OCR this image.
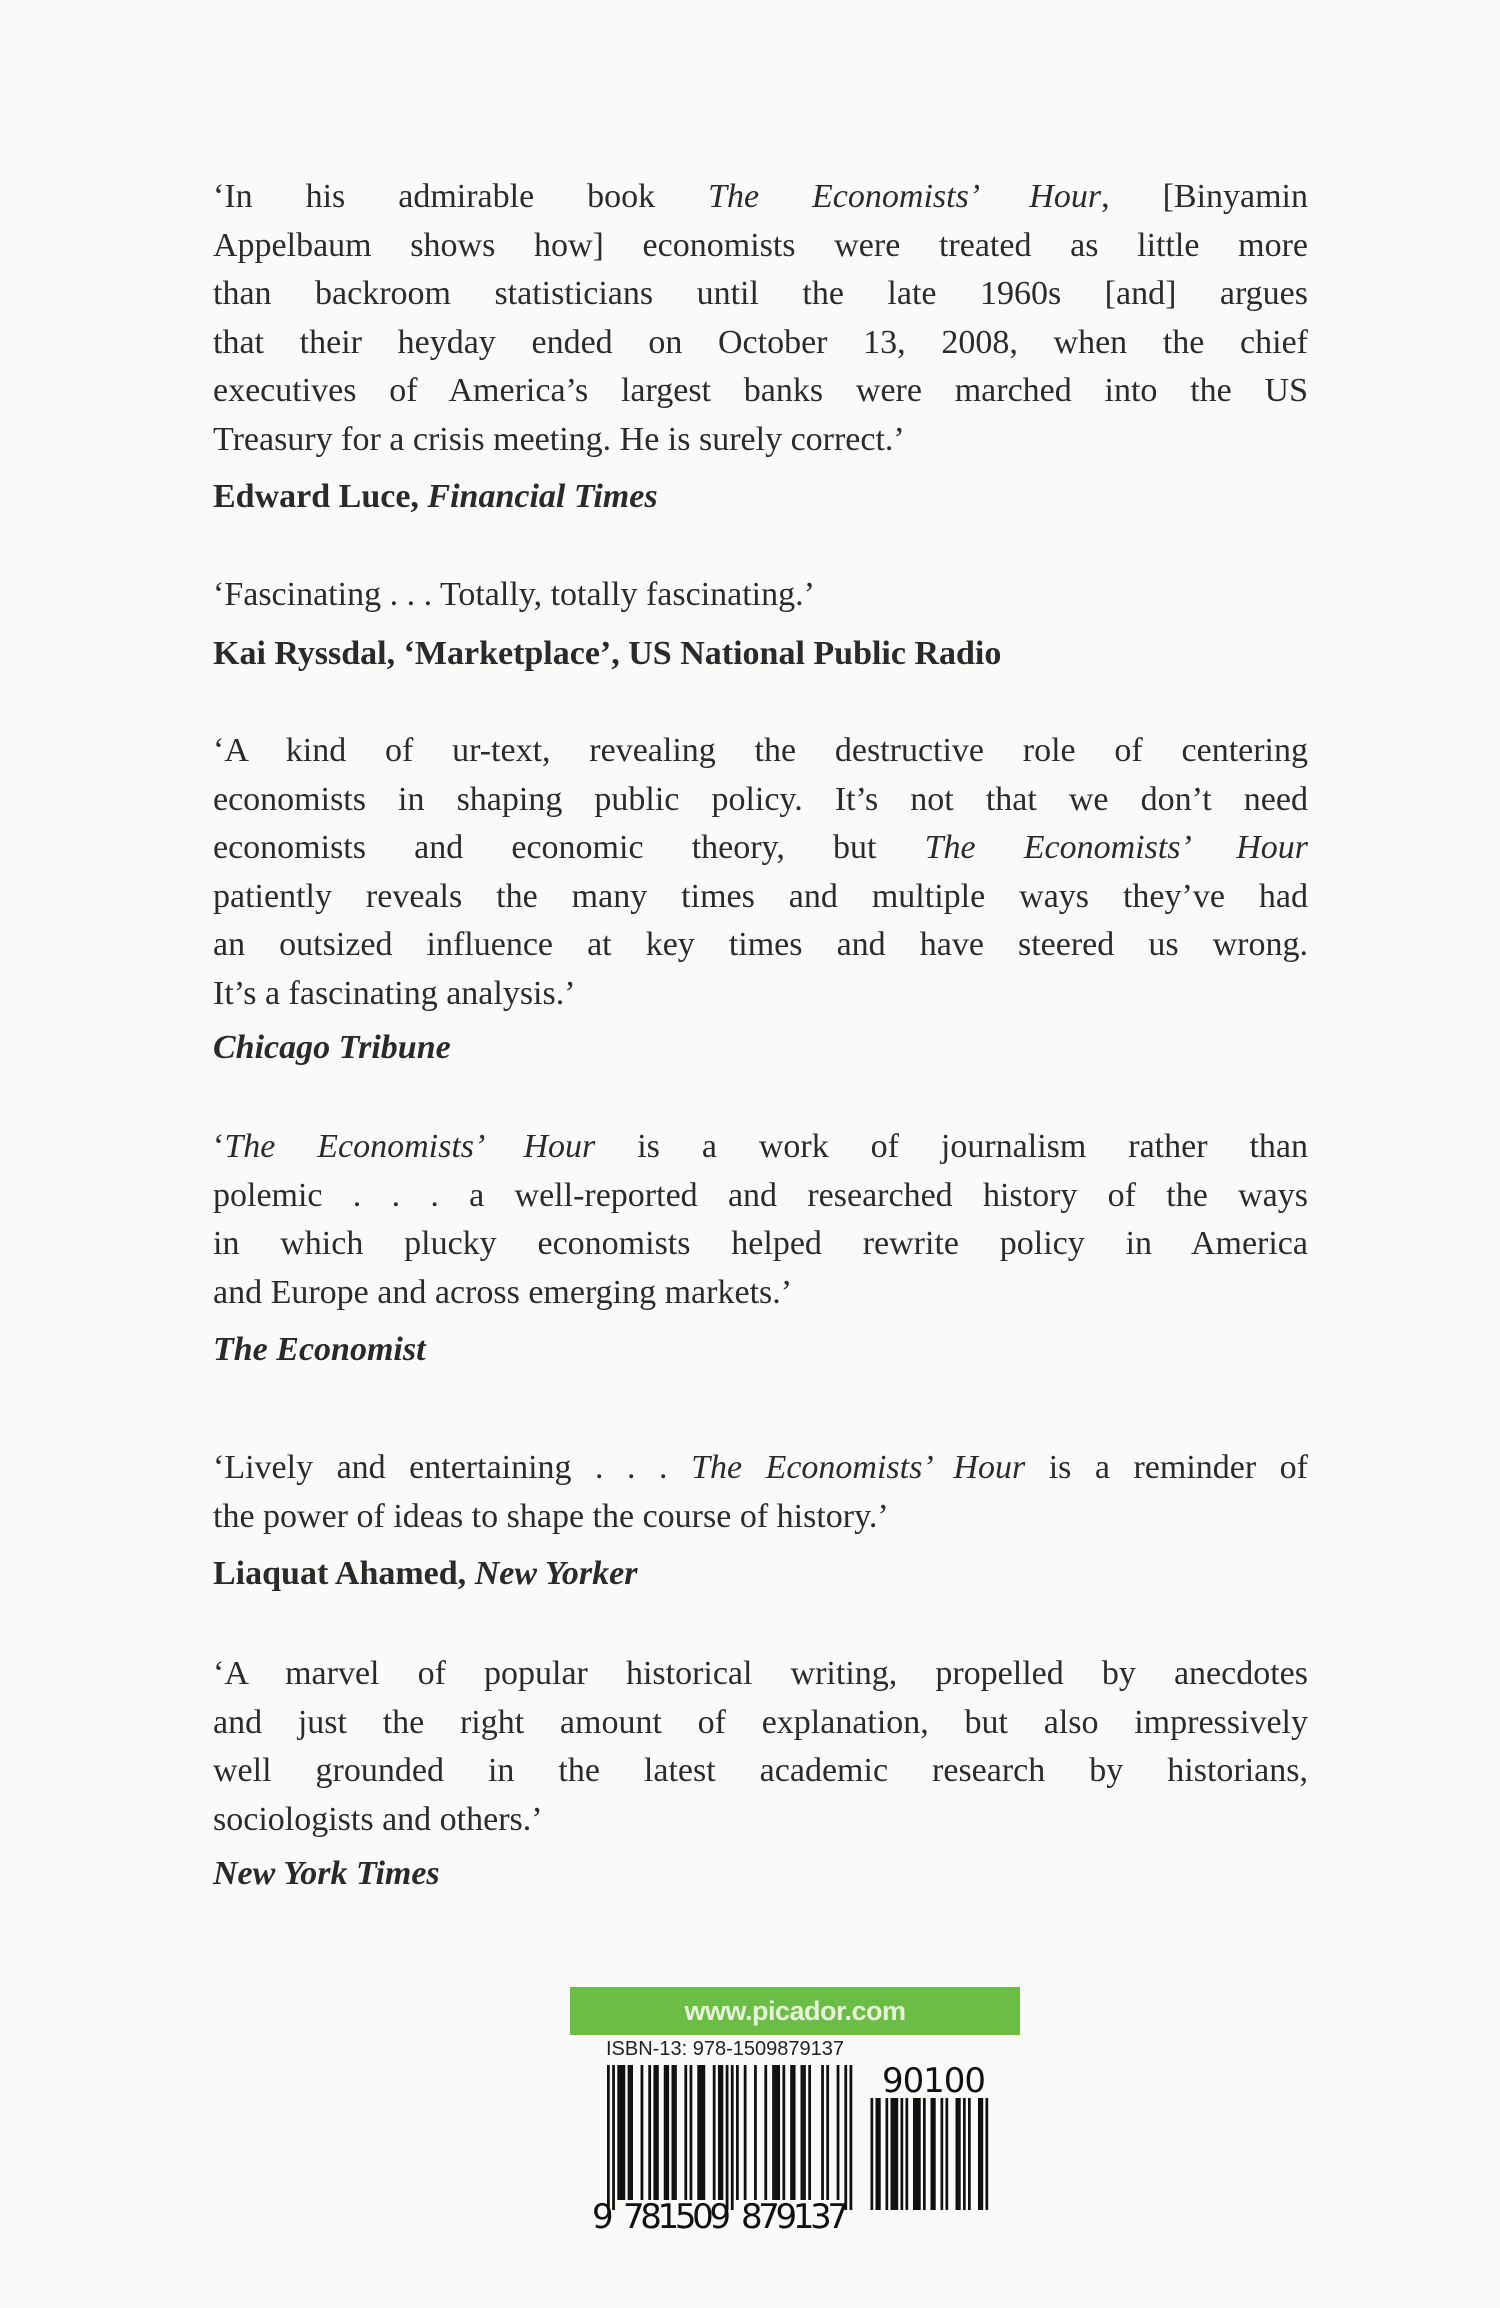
‘In his admirable book The Economists’ Hour, [Binyamin
Appelbaum shows how] economists were treated as little more
than backroom statisticians until the late 1960s [and] argues
that their heyday ended on October 13, 2008, when the chief
executives of America’s largest banks were marched into the US
Treasury for a crisis meeting. He is surely correct.’
Edward Luce, Financial Times
‘Fascinating . . . Totally, totally fascinating.’
Kai Ryssdal, ‘Marketplace’, US National Public Radio
‘A kind of ur-text, revealing the destructive role of centering
economists in shaping public policy. It’s not that we don’t need
economists and economic theory, but The Economists’ Hour
patiently reveals the many times and multiple ways they’ve had
an outsized influence at key times and have steered us wrong.
It’s a fascinating analysis.’
Chicago Tribune
‘The Economists’ Hour is a work of journalism rather than
polemic . . . a well-reported and researched history of the ways
in which plucky economists helped rewrite policy in America
and Europe and across emerging markets.’
The Economist
‘Lively and entertaining . . . The Economists’ Hour is a reminder of
the power of ideas to shape the course of history.’
Liaquat Ahamed, New Yorker
‘A marvel of popular historical writing, propelled by anecdotes
and just the right amount of explanation, but also impressively
well grounded in the latest academic research by historians,
sociologists and others.’
New York Times
www.picador.com
ISBN-13: 978-1509879137
9 781509 879137
90100
